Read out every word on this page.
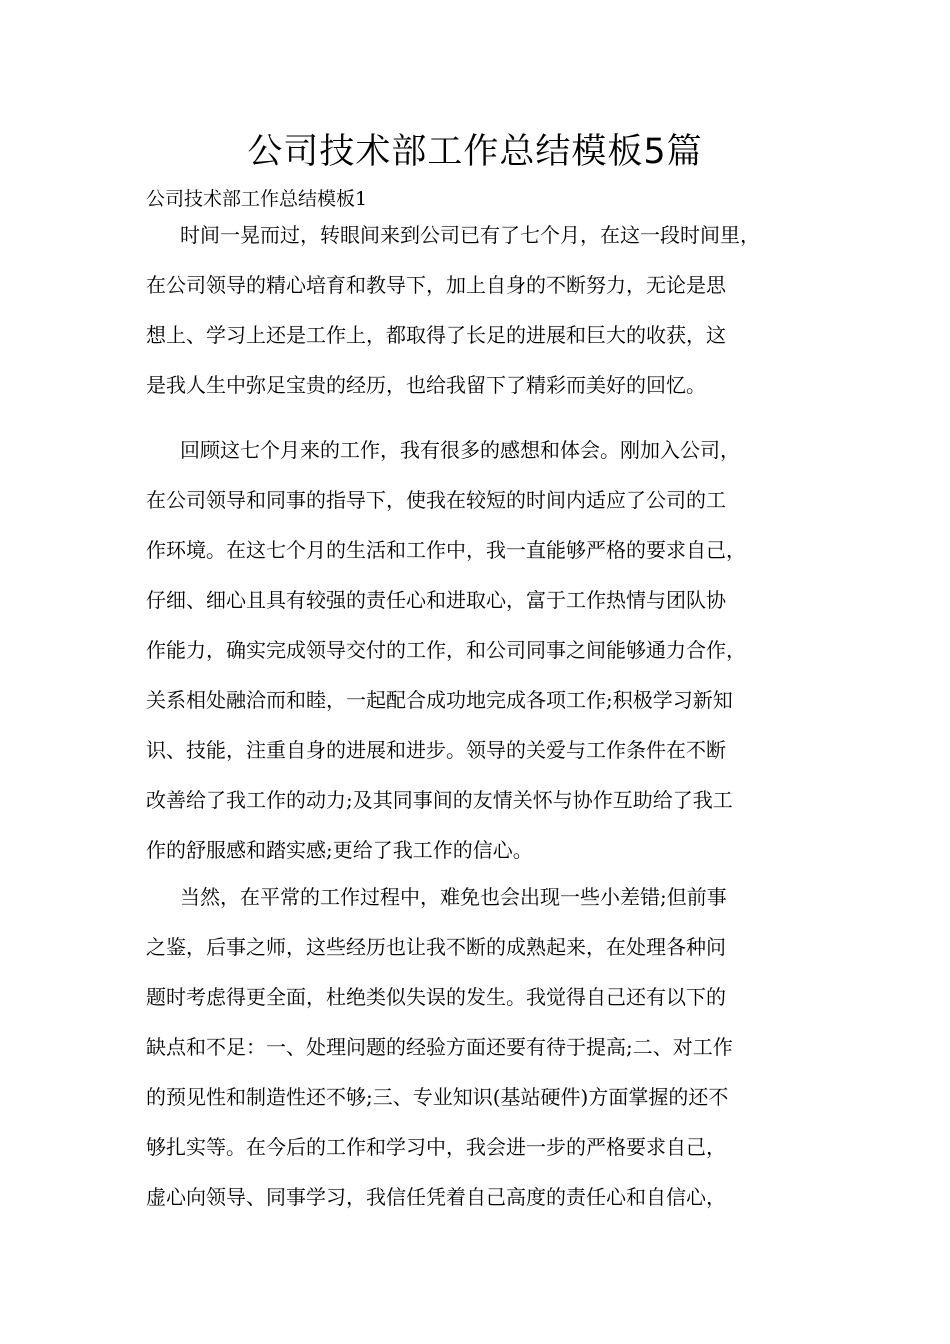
公司技术部工作总结模板5篇

公司技术部工作总结模板1

时间一晃而过，转眼间来到公司已有了七个月，在这一段时间里，
在公司领导的精心培育和教导下，加上自身的不断努力，无论是思
想上、学习上还是工作上，都取得了长足的进展和巨大的收获，这
是我人生中弥足宝贵的经历，也给我留下了精彩而美好的回忆。
回顾这七个月来的工作，我有很多的感想和体会。刚加入公司，
在公司领导和同事的指导下，使我在较短的时间内适应了公司的工
作环境。在这七个月的生活和工作中，我一直能够严格的要求自己，
仔细、细心且具有较强的责任心和进取心，富于工作热情与团队协
作能力，确实完成领导交付的工作，和公司同事之间能够通力合作，
关系相处融洽而和睦，一起配合成功地完成各项工作;积极学习新知
识、技能，注重自身的进展和进步。领导的关爱与工作条件在不断
改善给了我工作的动力;及其同事间的友情关怀与协作互助给了我工
作的舒服感和踏实感;更给了我工作的信心。
当然，在平常的工作过程中，难免也会出现一些小差错;但前事
之鉴，后事之师，这些经历也让我不断的成熟起来，在处理各种问
题时考虑得更全面，杜绝类似失误的发生。我觉得自己还有以下的
缺点和不足：一、处理问题的经验方面还要有待于提高;二、对工作
的预见性和制造性还不够;三、专业知识(基站硬件)方面掌握的还不
够扎实等。在今后的工作和学习中，我会进一步的严格要求自己，
虚心向领导、同事学习，我信任凭着自己高度的责任心和自信心，
